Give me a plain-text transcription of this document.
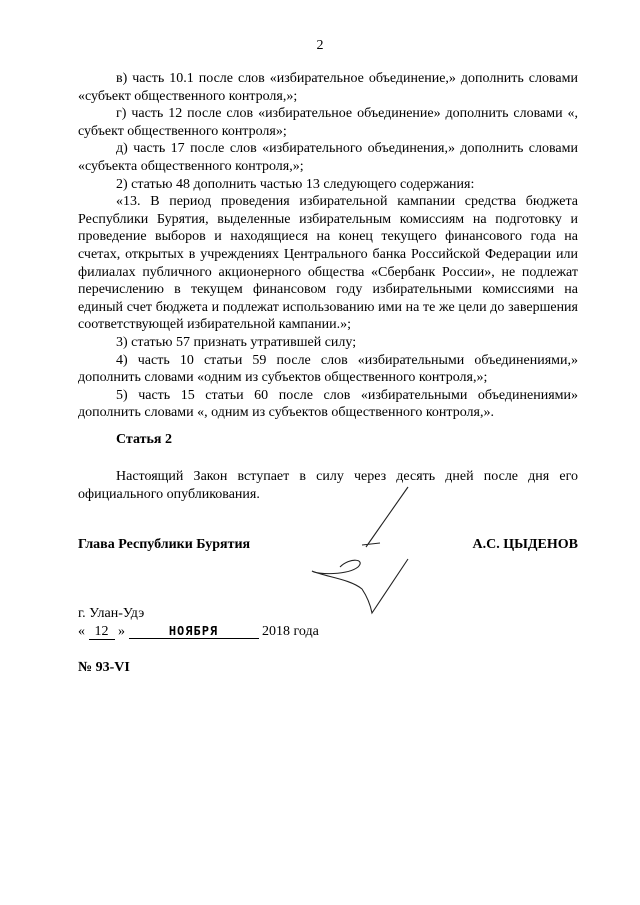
2

в) часть 10.1 после слов «избирательное объединение,» дополнить словами «субъект общественного контроля,»;

г) часть 12 после слов «избирательное объединение» дополнить словами «, субъект общественного контроля»;

д) часть 17 после слов «избирательного объединения,» дополнить словами «субъекта общественного контроля,»;

2) статью 48 дополнить частью 13 следующего содержания:

«13. В период проведения избирательной кампании средства бюджета Республики Бурятия, выделенные избирательным комиссиям на подготовку и проведение выборов и находящиеся на конец текущего финансового года на счетах, открытых в учреждениях Центрального банка Российской Федерации или филиалах публичного акционерного общества «Сбербанк России», не подлежат перечислению в текущем финансовом году избирательными комиссиями на единый счет бюджета и подлежат использованию ими на те же цели до завершения соответствующей избирательной кампании.»;

3) статью 57 признать утратившей силу;

4) часть 10 статьи 59 после слов «избирательными объединениями,» дополнить словами «одним из субъектов общественного контроля,»;

5) часть 15 статьи 60 после слов «избирательными объединениями» дополнить словами «, одним из субъектов общественного контроля,».

Статья 2

Настоящий Закон вступает в силу через десять дней после дня его официального опубликования.

Глава Республики Бурятия	А.С. ЦЫДЕНОВ
г. Улан-Удэ
« 12 »	НОЯБРЯ	2018 года
№ 93-VI
